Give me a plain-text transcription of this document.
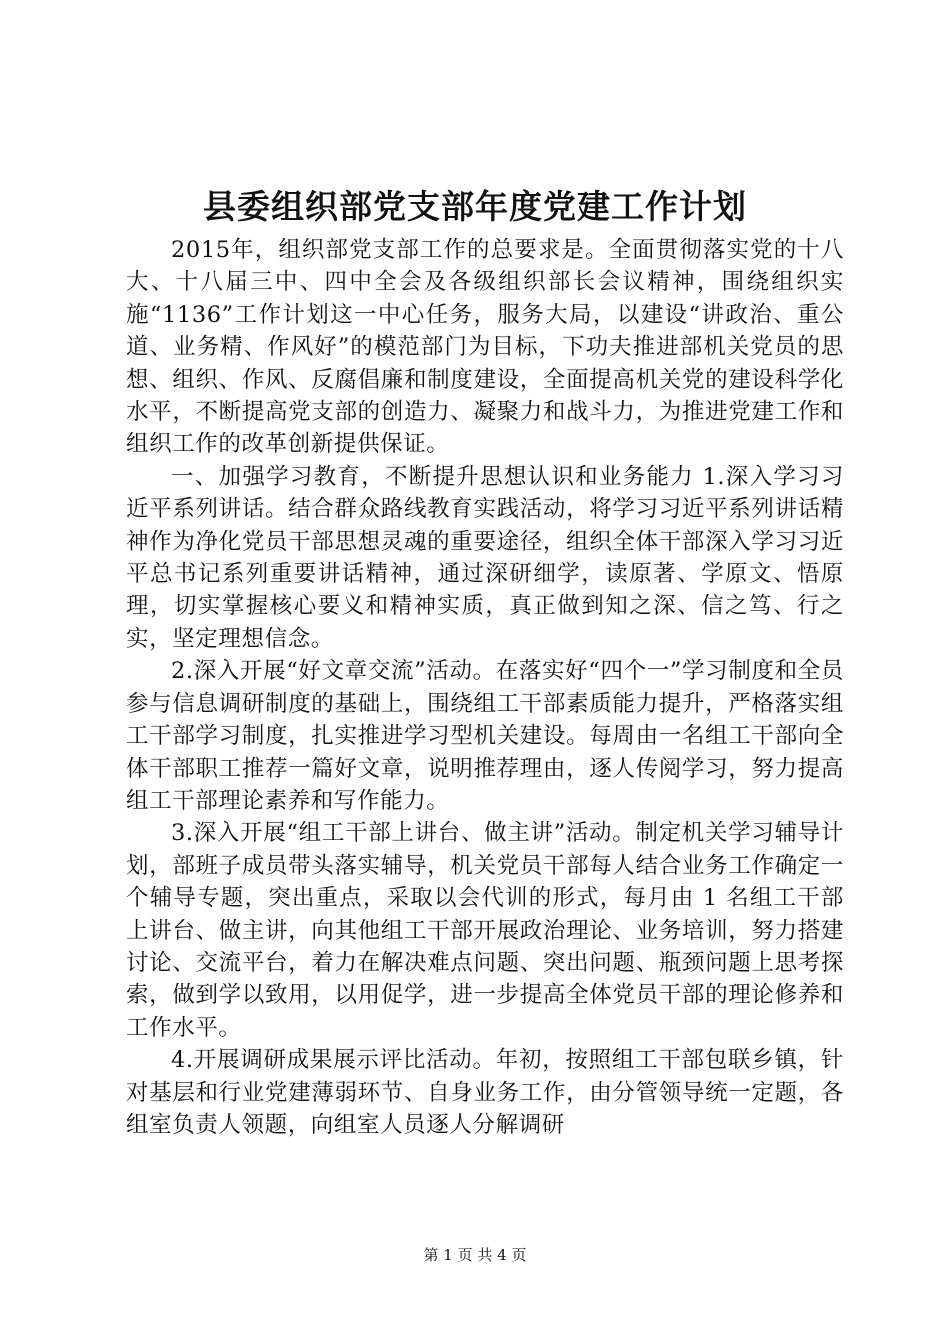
县委组织部党支部年度党建工作计划

2015年，组织部党支部工作的总要求是。全面贯彻落实党的十八大、十八届三中、四中全会及各级组织部长会议精神，围绕组织实施“1136”工作计划这一中心任务，服务大局，以建设“讲政治、重公道、业务精、作风好”的模范部门为目标，下功夫推进部机关党员的思想、组织、作风、反腐倡廉和制度建设，全面提高机关党的建设科学化水平，不断提高党支部的创造力、凝聚力和战斗力，为推进党建工作和组织工作的改革创新提供保证。

一、加强学习教育，不断提升思想认识和业务能力 1.深入学习习近平系列讲话。结合群众路线教育实践活动，将学习习近平系列讲话精神作为净化党员干部思想灵魂的重要途径，组织全体干部深入学习习近平总书记系列重要讲话精神，通过深研细学，读原著、学原文、悟原理，切实掌握核心要义和精神实质，真正做到知之深、信之笃、行之实，坚定理想信念。

2.深入开展“好文章交流”活动。在落实好“四个一”学习制度和全员参与信息调研制度的基础上，围绕组工干部素质能力提升，严格落实组工干部学习制度，扎实推进学习型机关建设。每周由一名组工干部向全体干部职工推荐一篇好文章，说明推荐理由，逐人传阅学习，努力提高组工干部理论素养和写作能力。

3.深入开展“组工干部上讲台、做主讲”活动。制定机关学习辅导计划，部班子成员带头落实辅导，机关党员干部每人结合业务工作确定一个辅导专题，突出重点，采取以会代训的形式，每月由 1 名组工干部上讲台、做主讲，向其他组工干部开展政治理论、业务培训，努力搭建讨论、交流平台，着力在解决难点问题、突出问题、瓶颈问题上思考探索，做到学以致用，以用促学，进一步提高全体党员干部的理论修养和工作水平。

4.开展调研成果展示评比活动。年初，按照组工干部包联乡镇，针对基层和行业党建薄弱环节、自身业务工作，由分管领导统一定题，各组室负责人领题，向组室人员逐人分解调研

第 1 页 共 4 页
